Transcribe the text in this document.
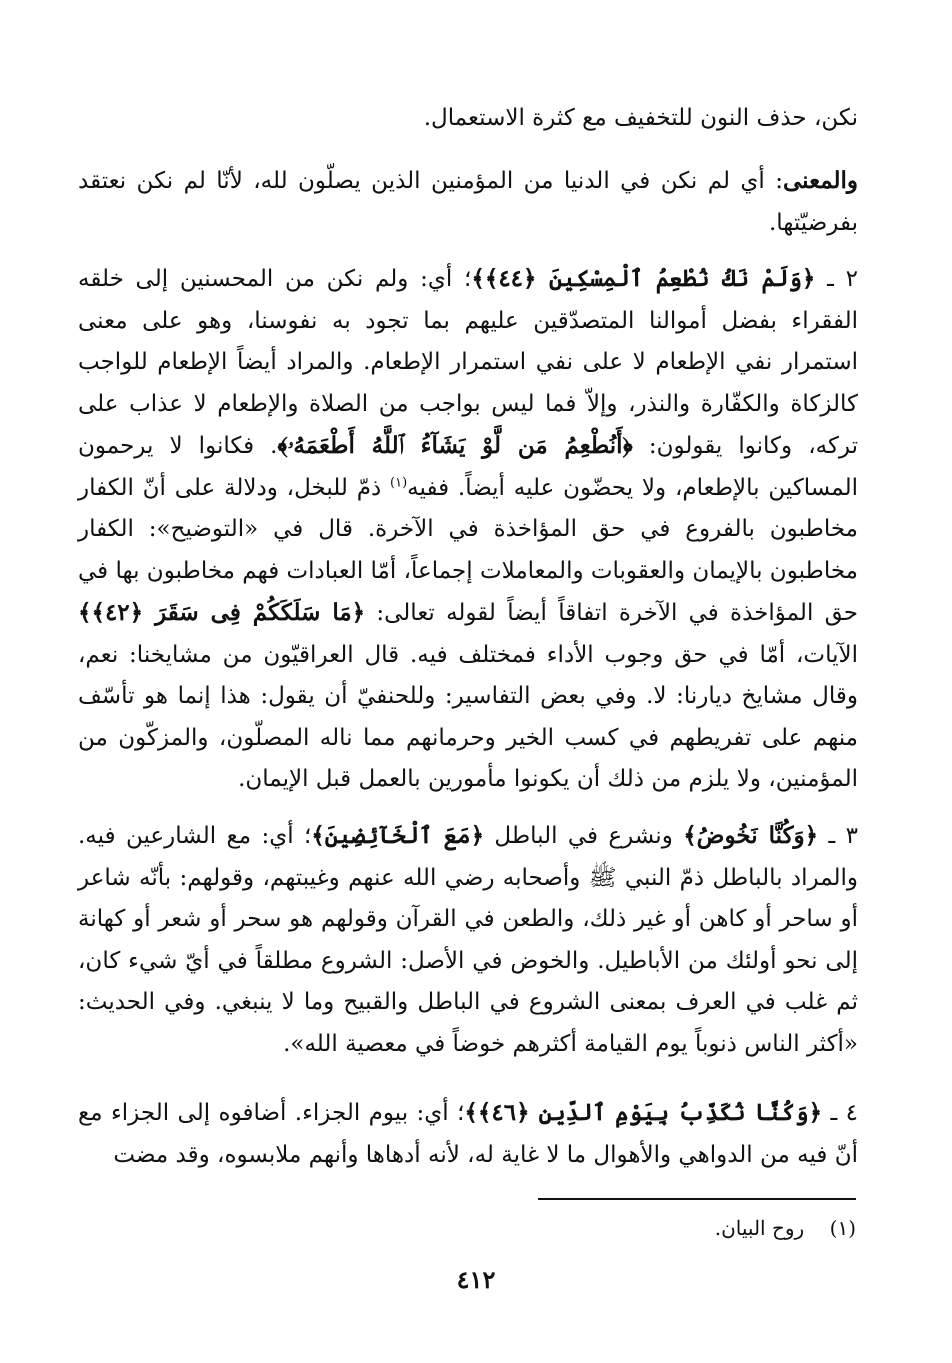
نكن، حذف النون للتخفيف مع كثرة الاستعمال.

والمعنى: أي لم نكن في الدنيا من المؤمنين الذين يصلّون لله، لأنّا لم نكن نعتقد بفرضيّتها.

٢ ـ ﴿وَلَمْ نَكُ نُطْعِمُ ٱلْمِسْكِينَ ﴿٤٤﴾﴾؛ أي: ولم نكن من المحسنين إلى خلقه الفقراء بفضل أموالنا المتصدّقين عليهم بما تجود به نفوسنا، وهو على معنى استمرار نفي الإطعام لا على نفي استمرار الإطعام. والمراد أيضاً الإطعام للواجب كالزكاة والكفّارة والنذر، وإلاّ فما ليس بواجب من الصلاة والإطعام لا عذاب على تركه، وكانوا يقولون: ﴿أَنُطْعِمُ مَن لَّوْ يَشَآءُ ٱللَّهُ أَطْعَمَهُۥ﴾. فكانوا لا يرحمون المساكين بالإطعام، ولا يحضّون عليه أيضاً. ففيه$^{(١)}$ ذمّ للبخل، ودلالة على أنّ الكفار مخاطبون بالفروع في حق المؤاخذة في الآخرة. قال في «التوضيح»: الكفار مخاطبون بالإيمان والعقوبات والمعاملات إجماعاً، أمّا العبادات فهم مخاطبون بها في حق المؤاخذة في الآخرة اتفاقاً أيضاً لقوله تعالى: ﴿مَا سَلَكَكُمْ فِى سَقَرَ ﴿٤٢﴾﴾ الآيات، أمّا في حق وجوب الأداء فمختلف فيه. قال العراقيّون من مشايخنا: نعم، وقال مشايخ ديارنا: لا. وفي بعض التفاسير: وللحنفيّ أن يقول: هذا إنما هو تأسّف منهم على تفريطهم في كسب الخير وحرمانهم مما ناله المصلّون، والمزكّون من المؤمنين، ولا يلزم من ذلك أن يكونوا مأمورين بالعمل قبل الإيمان.

٣ ـ ﴿وَكُنَّا نَخُوضُ﴾ ونشرع في الباطل ﴿مَعَ ٱلْخَآئِضِينَ﴾؛ أي: مع الشارعين فيه. والمراد بالباطل ذمّ النبي ﷺ وأصحابه رضي الله عنهم وغيبتهم، وقولهم: بأنّه شاعر أو ساحر أو كاهن أو غير ذلك، والطعن في القرآن وقولهم هو سحر أو شعر أو كهانة إلى نحو أولئك من الأباطيل. والخوض في الأصل: الشروع مطلقاً في أيّ شيء كان، ثم غلب في العرف بمعنى الشروع في الباطل والقبيح وما لا ينبغي. وفي الحديث: «أكثر الناس ذنوباً يوم القيامة أكثرهم خوضاً في معصية الله».

٤ ـ ﴿وَكُنَّا نُكَذِّبُ بِيَوْمِ ٱلدِّينِ ﴿٤٦﴾﴾؛ أي: بيوم الجزاء. أضافوه إلى الجزاء مع أنّ فيه من الدواهي والأهوال ما لا غاية له، لأنه أدهاها وأنهم ملابسوه، وقد مضت

(١)    روح البيان.
٤١٢
